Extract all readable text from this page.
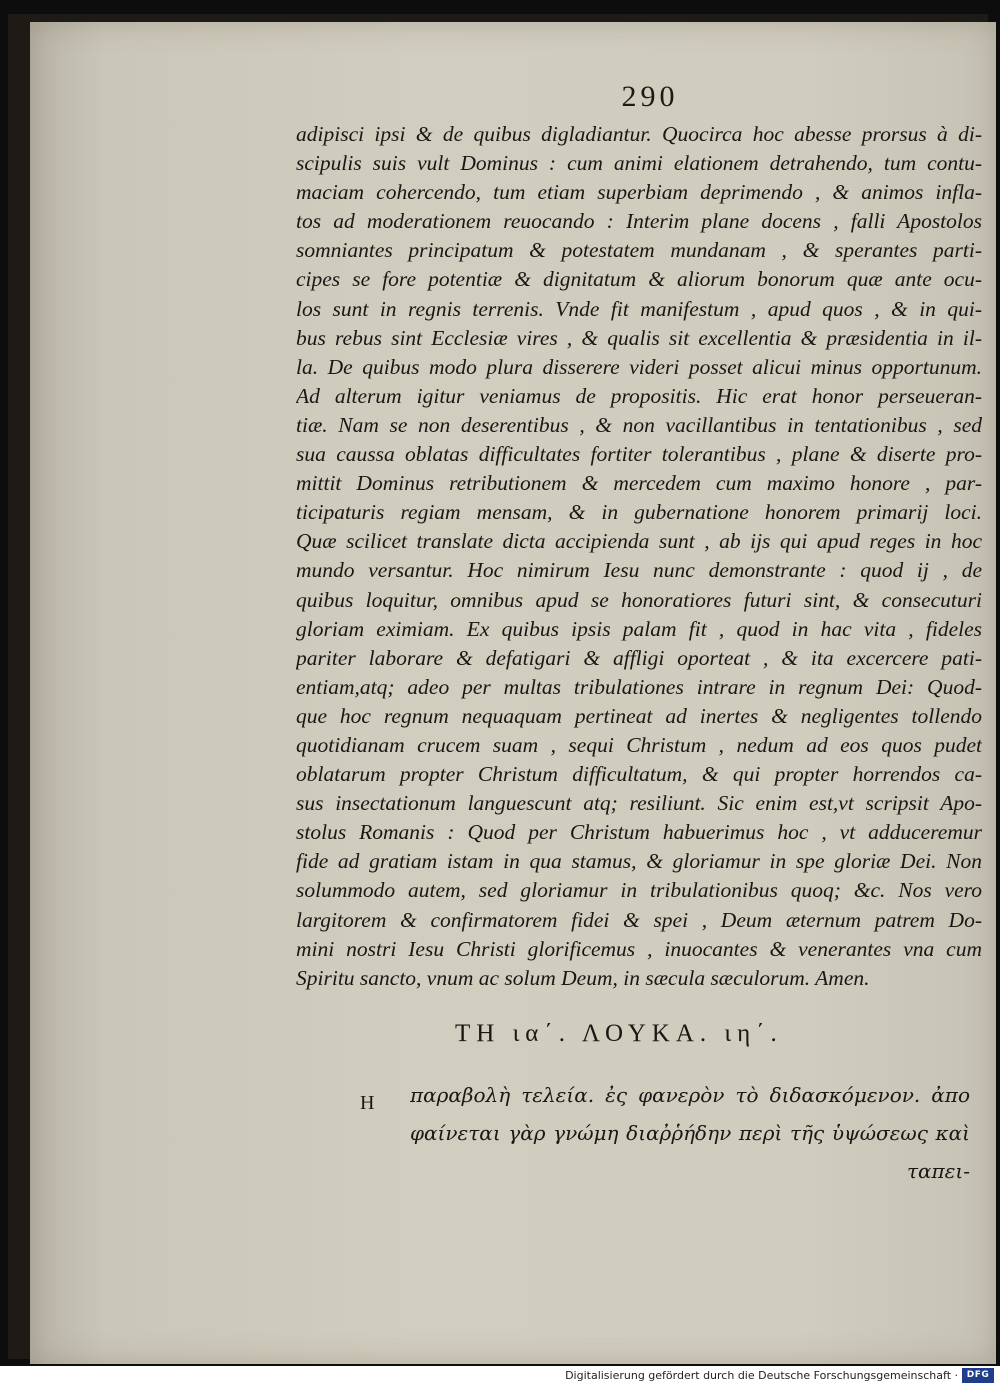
290
adipisci ipsi & de quibus digladiantur. Quocirca hoc abesse prorsus à di-
scipulis suis vult Dominus : cum animi elationem detrahendo, tum contu-
maciam cohercendo, tum etiam superbiam deprimendo , & animos infla-
tos ad moderationem reuocando : Interim plane docens , falli Apostolos
somniantes principatum & potestatem mundanam , & sperantes parti-
cipes se fore potentiæ & dignitatum & aliorum bonorum quæ ante ocu-
los sunt in regnis terrenis. Vnde fit manifestum , apud quos , & in qui-
bus rebus sint Ecclesiæ vires , & qualis sit excellentia & præsidentia in il-
la. De quibus modo plura disserere videri posset alicui minus opportunum.
Ad alterum igitur veniamus de propositis. Hic erat honor perseueran-
tiæ. Nam se non deserentibus , & non vacillantibus in tentationibus , sed
sua caussa oblatas difficultates fortiter tolerantibus , plane & diserte pro-
mittit Dominus retributionem & mercedem cum maximo honore , par-
ticipaturis regiam mensam, & in gubernatione honorem primarij loci.
Quæ scilicet translate dicta accipienda sunt , ab ijs qui apud reges in hoc
mundo versantur. Hoc nimirum Iesu nunc demonstrante : quod ij , de
quibus loquitur, omnibus apud se honoratiores futuri sint, & consecuturi
gloriam eximiam. Ex quibus ipsis palam fit , quod in hac vita , fideles
pariter laborare & defatigari & affligi oporteat , & ita excercere pati-
entiam,atq; adeo per multas tribulationes intrare in regnum Dei: Quod-
que hoc regnum nequaquam pertineat ad inertes & negligentes tollendo
quotidianam crucem suam , sequi Christum , nedum ad eos quos pudet
oblatarum propter Christum difficultatum, & qui propter horrendos ca-
sus insectationum languescunt atq; resiliunt. Sic enim est,vt scripsit Apo-
stolus Romanis : Quod per Christum habuerimus hoc , vt adduceremur
fide ad gratiam istam in qua stamus, & gloriamur in spe gloriæ Dei. Non
solummodo autem, sed gloriamur in tribulationibus quoq; &c. Nos vero
largitorem & confirmatorem fidei & spei , Deum æternum patrem Do-
mini nostri Iesu Christi glorificemus , inuocantes & venerantes vna cum
Spiritu sancto, vnum ac solum Deum, in sæcula sæculorum. Amen.
ΤΗ ια΄. ΛΟΥΚΑ. ιη΄.
H παραβολὴ τελεία. ἐς φανερὸν τὸ διδασκόμενον. ἀπο
φαίνεται γὰρ γνώμη διαῤῥήδην περὶ τῆς ὑψώσεως καὶ
ταπει-
Digitalisierung gefördert durch die Deutsche Forschungsgemeinschaft · DFG
